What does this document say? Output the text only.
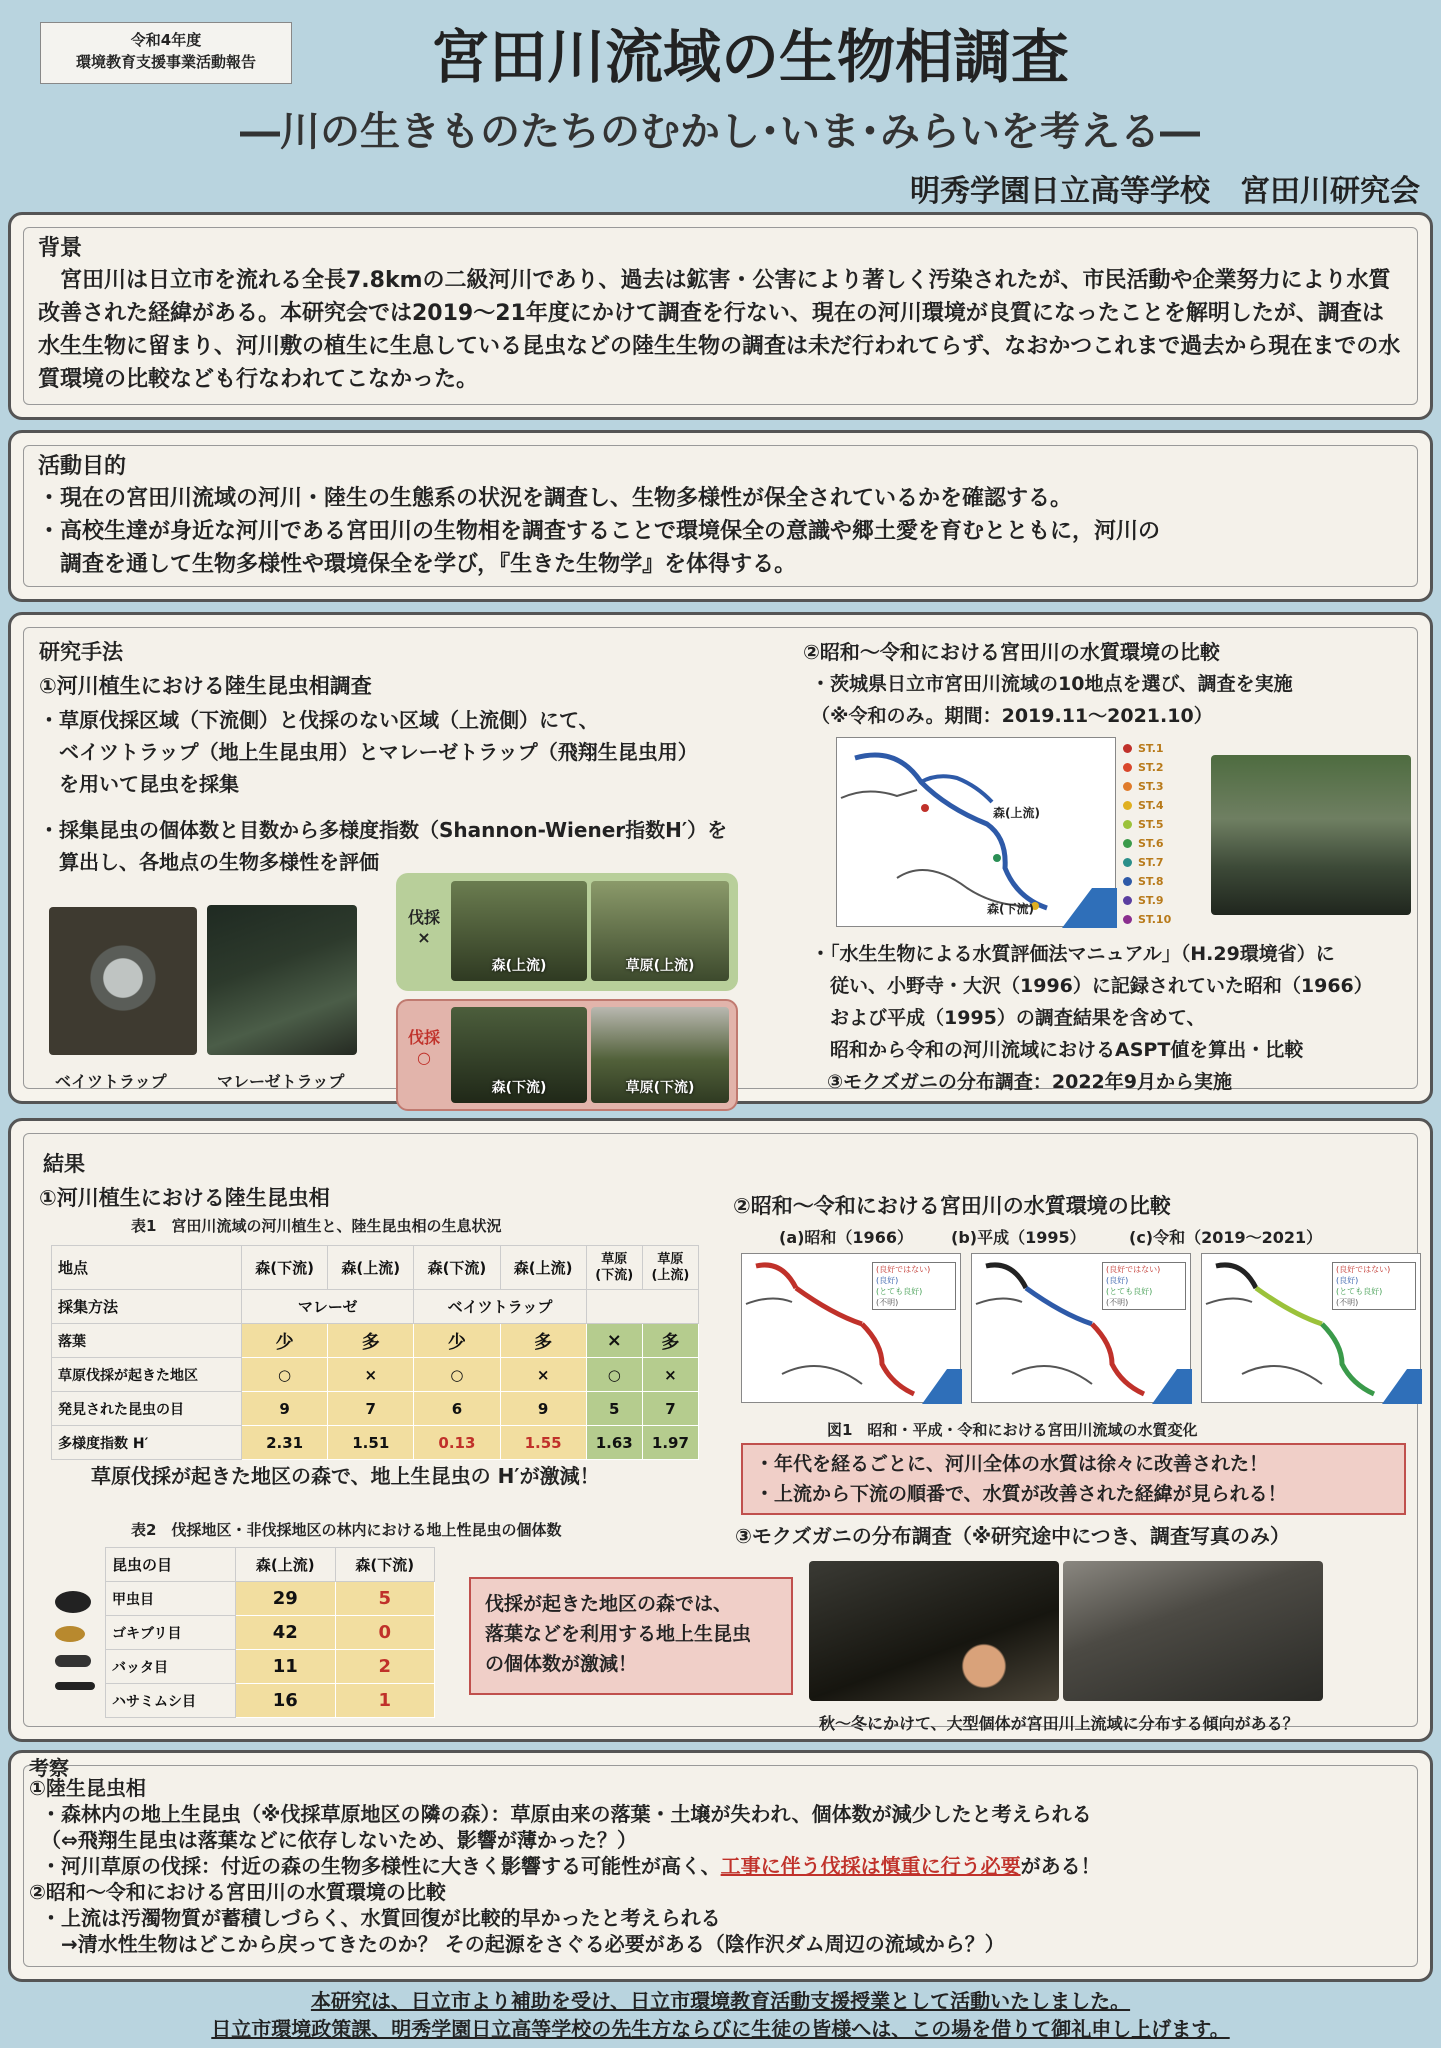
令和4年度
環境教育支援事業活動報告	宮田川流域の生物相調査
―川の生きものたちのむかし･いま･みらいを考える―
明秀学園日立高等学校　宮田川研究会
背景
　宮田川は日立市を流れる全長7.8kmの二級河川であり、過去は鉱害・公害により著しく汚染されたが、市民活動や企業努力により水質改善された経緯がある。本研究会では2019～21年度にかけて調査を行ない、現在の河川環境が良質になったことを解明したが、調査は水生生物に留まり、河川敷の植生に生息している昆虫などの陸生生物の調査は未だ行われてらず、なおかつこれまで過去から現在までの水質環境の比較なども行なわれてこなかった。
活動目的
・現在の宮田川流域の河川・陸生の生態系の状況を調査し、生物多様性が保全されているかを確認する。
・高校生達が身近な河川である宮田川の生物相を調査することで環境保全の意識や郷土愛を育むとともに，河川の
　調査を通して生物多様性や環境保全を学び，『生きた生物学』を体得する。
研究手法
①河川植生における陸生昆虫相調査
・草原伐採区域（下流側）と伐採のない区域（上流側）にて、
　ベイツトラップ（地上生昆虫用）とマレーゼトラップ（飛翔生昆虫用）
　を用いて昆虫を採集
・採集昆虫の個体数と目数から多様度指数（Shannon-Wiener指数H′）を
　算出し、各地点の生物多様性を評価
ベイツトラップ	マレーゼトラップ
伐採
×
森(上流)	草原(上流)
伐採
○
森(下流)	草原(下流)
②昭和～令和における宮田川の水質環境の比較
・茨城県日立市宮田川流域の10地点を選び、調査を実施
（※令和のみ。期間：2019.11～2021.10）
森(上流)
森(下流)
ST.1
ST.2
ST.3
ST.4
ST.5
ST.6
ST.7
ST.8
ST.9
ST.10
・「水生生物による水質評価法マニュアル」（H.29環境省）に
　従い、小野寺・大沢（1996）に記録されていた昭和（1966）
　および平成（1995）の調査結果を含めて、
　昭和から令和の河川流域におけるASPT値を算出・比較
③モクズガニの分布調査：2022年9月から実施
結果
①河川植生における陸生昆虫相
表1　宮田川流域の河川植生と、陸生昆虫相の生息状況
地点	森(下流)	森(上流)	森(下流)	森(上流)	草原
(下流)	草原
(上流)
採集方法	マレーゼ		ベイツトラップ			
落葉	少	多	少	多	×	多
草原伐採が起きた地区	○	×	○	×	○	×
発見された昆虫の目	9	7	6	9	5	7
多様度指数 H′	2.31	1.51	0.13	1.55	1.63	1.97
草原伐採が起きた地区の森で、地上生昆虫の H′が激減！
表2　伐採地区・非伐採地区の林内における地上性昆虫の個体数
昆虫の目	森(上流)	森(下流)
甲虫目	29	5
ゴキブリ目	42	0
バッタ目	11	2
ハサミムシ目	16	1
伐採が起きた地区の森では、
落葉などを利用する地上生昆虫
の個体数が激減！
②昭和～令和における宮田川の水質環境の比較
(a)昭和（1966） (b)平成（1995）	(c)令和（2019～2021）
(良好ではない)
(良好)
(とても良好)
(不明)
(良好ではない)
(良好)
(とても良好)
(不明)
(良好ではない)
(良好)
(とても良好)
(不明)
図1　昭和・平成・令和における宮田川流域の水質変化
・年代を経るごとに、河川全体の水質は徐々に改善された！
・上流から下流の順番で、水質が改善された経緯が見られる！
③モクズガニの分布調査（※研究途中につき、調査写真のみ）
秋～冬にかけて、大型個体が宮田川上流域に分布する傾向がある？
考察
①陸生昆虫相
・森林内の地上生昆虫（※伐採草原地区の隣の森）：草原由来の落葉・土壌が失われ、個体数が減少したと考えられる
（⇔飛翔生昆虫は落葉などに依存しないため、影響が薄かった？）
・河川草原の伐採：付近の森の生物多様性に大きく影響する可能性が高く、工事に伴う伐採は慎重に行う必要がある！
②昭和～令和における宮田川の水質環境の比較
・上流は汚濁物質が蓄積しづらく、水質回復が比較的早かったと考えられる
　→清水性生物はどこから戻ってきたのか？ その起源をさぐる必要がある（陰作沢ダム周辺の流域から？）
本研究は、日立市より補助を受け、日立市環境教育活動支援授業として活動いたしました。
日立市環境政策課、明秀学園日立高等学校の先生方ならびに生徒の皆様へは、この場を借りて御礼申し上げます。
